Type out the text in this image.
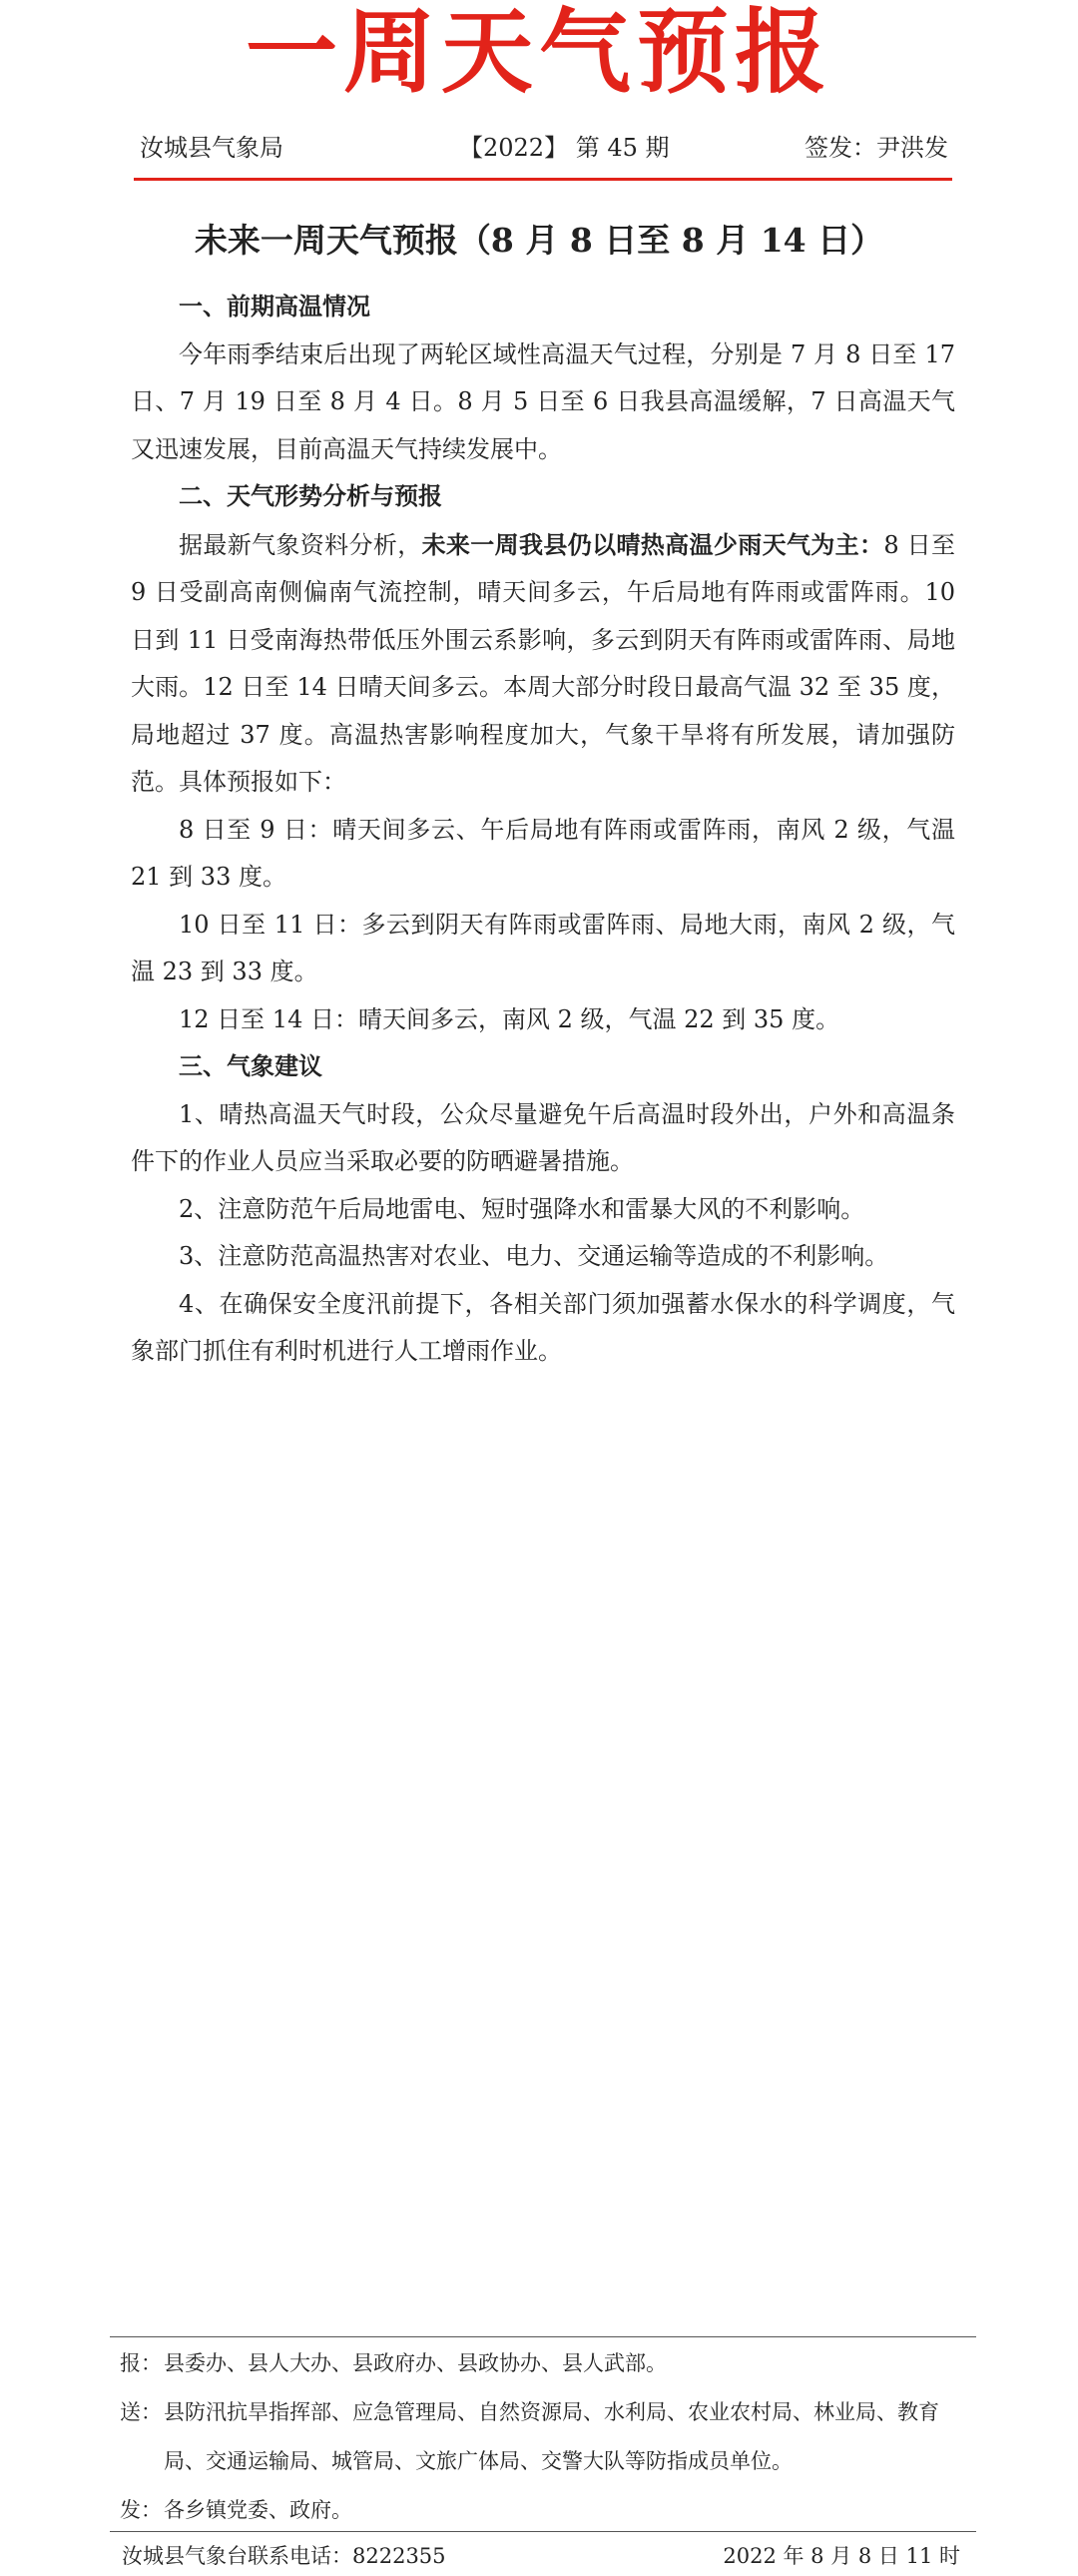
一周天气预报
汝城县气象局	【2022】 第 45 期	签发：尹洪发
未来一周天气预报（8 月 8 日至 8 月 14 日）
一、前期高温情况

今年雨季结束后出现了两轮区域性高温天气过程，分别是 7 月 8 日至 17 日、7 月 19 日至 8 月 4 日。8 月 5 日至 6 日我县高温缓解，7 日高温天气又迅速发展，目前高温天气持续发展中。

二、天气形势分析与预报

据最新气象资料分析，未来一周我县仍以晴热高温少雨天气为主：8 日至 9 日受副高南侧偏南气流控制，晴天间多云，午后局地有阵雨或雷阵雨。10 日到 11 日受南海热带低压外围云系影响，多云到阴天有阵雨或雷阵雨、局地大雨。12 日至 14 日晴天间多云。本周大部分时段日最高气温 32 至 35 度，局地超过 37 度。高温热害影响程度加大，气象干旱将有所发展，请加强防范。具体预报如下：

8 日至 9 日：晴天间多云、午后局地有阵雨或雷阵雨，南风 2 级，气温 21 到 33 度。

10 日至 11 日：多云到阴天有阵雨或雷阵雨、局地大雨，南风 2 级，气温 23 到 33 度。

12 日至 14 日：晴天间多云，南风 2 级，气温 22 到 35 度。

三、气象建议

1、晴热高温天气时段，公众尽量避免午后高温时段外出，户外和高温条件下的作业人员应当采取必要的防晒避暑措施。

2、注意防范午后局地雷电、短时强降水和雷暴大风的不利影响。

3、注意防范高温热害对农业、电力、交通运输等造成的不利影响。

4、在确保安全度汛前提下，各相关部门须加强蓄水保水的科学调度，气象部门抓住有利时机进行人工增雨作业。

报： 县委办、县人大办、县政府办、县政协办、县人武部。
送： 县防汛抗旱指挥部、应急管理局、自然资源局、水利局、农业农村局、林业局、教育局、交通运输局、城管局、文旅广体局、交警大队等防指成员单位。
发： 各乡镇党委、政府。
汝城县气象台联系电话：8222355	2022 年 8 月 8 日 11 时
